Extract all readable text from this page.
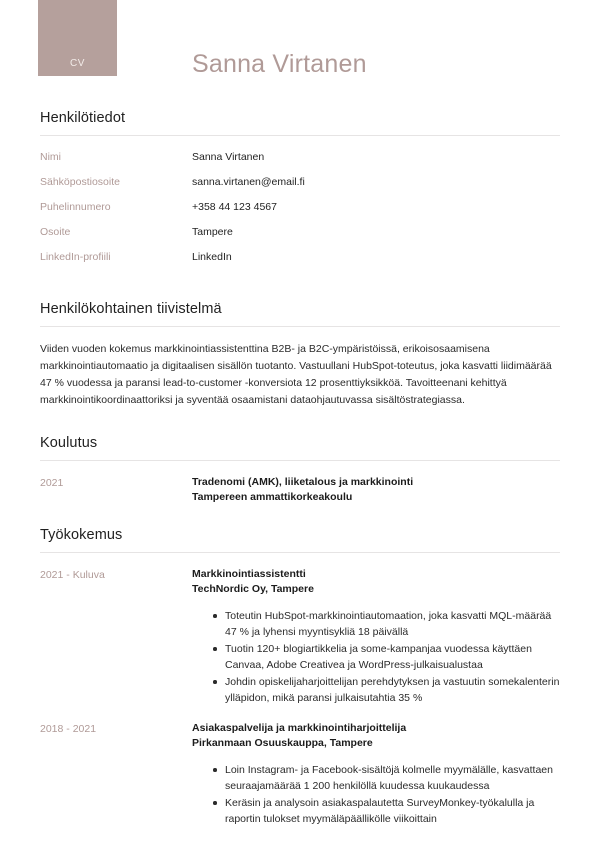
CV	Sanna Virtanen
Henkilötiedot
Nimi	Sanna Virtanen
Sähköpostiosoite	sanna.virtanen@email.fi
Puhelinnumero	+358 44 123 4567
Osoite	Tampere
LinkedIn-profiili	LinkedIn
Henkilökohtainen tiivistelmä

Viiden vuoden kokemus markkinointiassistenttina B2B- ja B2C-ympäristöissä, erikoisosaamisena markkinointiautomaatio ja digitaalisen sisällön tuotanto. Vastuullani HubSpot-toteutus, joka kasvatti liidimäärää 47 % vuodessa ja paransi lead-to-customer -konversiota 12 prosenttiyksikköä. Tavoitteenani kehittyä markkinointikoordinaattoriksi ja syventää osaamistani dataohjautuvassa sisältöstrategiassa.

Koulutus
2021	Tradenomi (AMK), liiketalous ja markkinointi
Tampereen ammattikorkeakoulu
Työkokemus
2021 - Kuluva	Markkinointiassistentti
TechNordic Oy, Tampere
Toteutin HubSpot-markkinointiautomaation, joka kasvatti MQL-määrää 47 % ja lyhensi myyntisykliä 18 päivällä
Tuotin 120+ blogiartikkelia ja some-kampanjaa vuodessa käyttäen Canvaa, Adobe Creativea ja WordPress-julkaisualustaa
Johdin opiskelijaharjoittelijan perehdytyksen ja vastuutin somekalenterin ylläpidon, mikä paransi julkaisutahtia 35 %
2018 - 2021	Asiakaspalvelija ja markkinointiharjoittelija
Pirkanmaan Osuuskauppa, Tampere
Loin Instagram- ja Facebook-sisältöjä kolmelle myymälälle, kasvattaen seuraajamäärää 1 200 henkilöllä kuudessa kuukaudessa
Keräsin ja analysoin asiakaspalautetta SurveyMonkey-työkalulla ja raportin tulokset myymäläpäällikölle viikoittain
